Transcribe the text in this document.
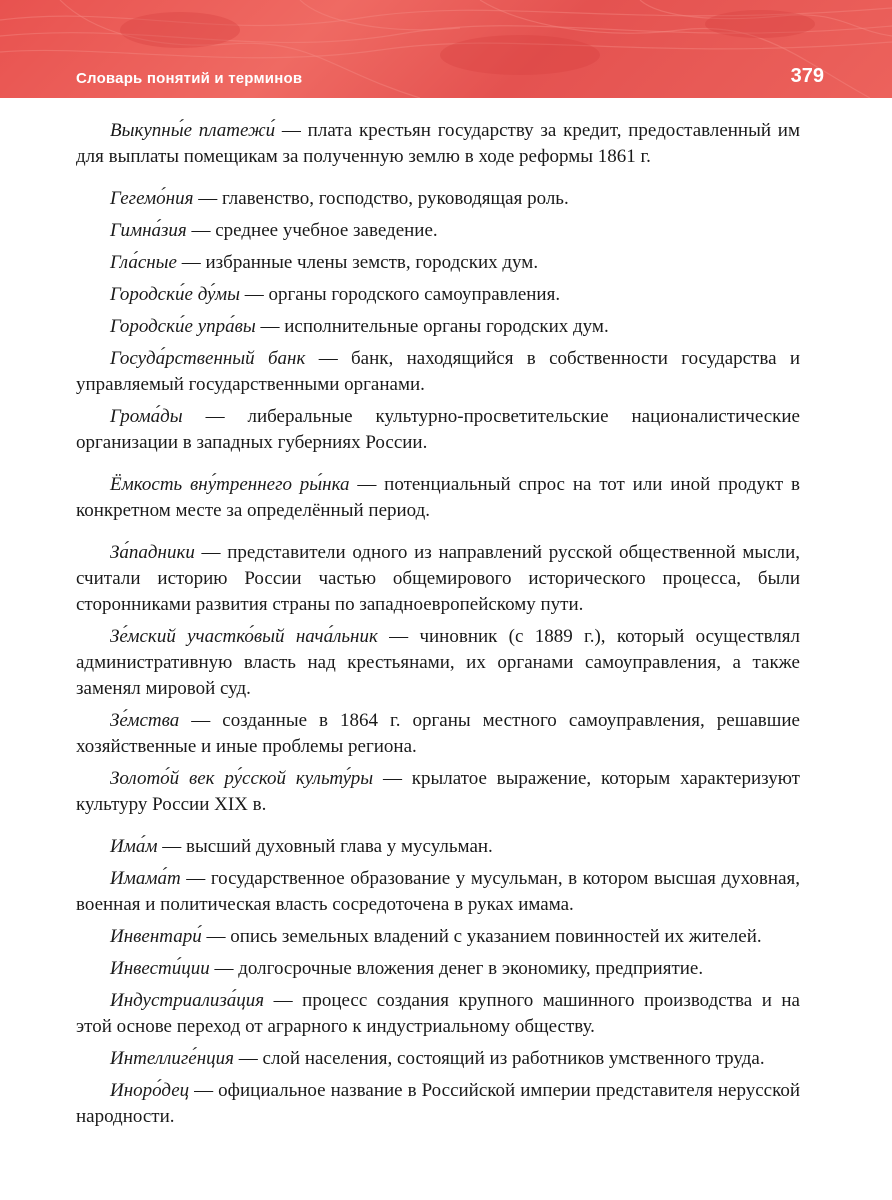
Словарь понятий и терминов	379

Выкупны́е платежи́ — плата крестьян государству за кредит, предоставленный им для выплаты помещикам за полученную землю в ходе реформы 1861 г.

Гегемо́ния — главенство, господство, руководящая роль.

Гимна́зия — среднее учебное заведение.

Гла́сные — избранные члены земств, городских дум.

Городски́е ду́мы — органы городского самоуправления.

Городски́е упра́вы — исполнительные органы городских дум.

Госуда́рственный банк — банк, находящийся в собственности государства и управляемый государственными органами.

Грома́ды — либеральные культурно-просветительские националистические организации в западных губерниях России.

Ёмкость вну́треннего ры́нка — потенциальный спрос на тот или иной продукт в конкретном месте за определённый период.

За́падники — представители одного из направлений русской общественной мысли, считали историю России частью общемирового исторического процесса, были сторонниками развития страны по западноевропейскому пути.

Зе́мский участко́вый нача́льник — чиновник (с 1889 г.), который осуществлял административную власть над крестьянами, их органами самоуправления, а также заменял мировой суд.

Зе́мства — созданные в 1864 г. органы местного самоуправления, решавшие хозяйственные и иные проблемы региона.

Золото́й век ру́сской культу́ры — крылатое выражение, которым характеризуют культуру России XIX в.

Има́м — высший духовный глава у мусульман.

Имама́т — государственное образование у мусульман, в котором высшая духовная, военная и политическая власть сосредоточена в руках имама.

Инвентари́ — опись земельных владений с указанием повинностей их жителей.

Инвести́ции — долгосрочные вложения денег в экономику, предприятие.

Индустриализа́ция — процесс создания крупного машинного производства и на этой основе переход от аграрного к индустриальному обществу.

Интеллиге́нция — слой населения, состоящий из работников умственного труда.

Иноро́дец — официальное название в Российской империи представителя нерусской народности.
